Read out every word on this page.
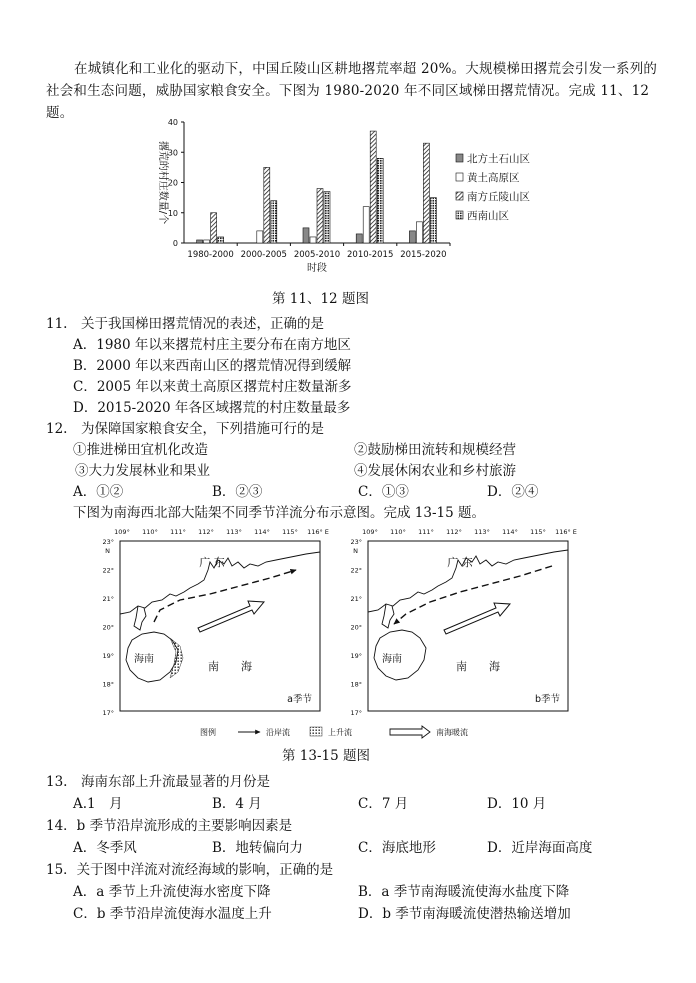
在城镇化和工业化的驱动下，中国丘陵山区耕地撂荒率超 20%。大规模梯田撂荒会引发一系列的社会和生态问题，威胁国家粮食安全。下图为 1980-2020 年不同区域梯田撂荒情况。完成 11、12 题。
0
10
20
30
40
撂荒的村庄数量/个
1980-2000 2000-2005 2005-2010 2010-2015 2015-2020
时段
北方土石山区
黄土高原区
南方丘陵山区
西南山区
第 11、12 题图
11.　关于我国梯田撂荒情况的表述，正确的是
A．1980 年以来撂荒村庄主要分布在南方地区
B．2000 年以来西南山区的撂荒情况得到缓解
C．2005 年以来黄土高原区撂荒村庄数量渐多
D．2015-2020 年各区域撂荒的村庄数量最多
12.　为保障国家粮食安全，下列措施可行的是
①推进梯田宜机化改造	②鼓励梯田流转和规模经营
③大力发展林业和果业	④发展休闲农业和乡村旅游
A．①②	B．②③	C．①③	D．②④
下图为南海西北部大陆架不同季节洋流分布示意图。完成 13-15 题。
109° 110° 111° 112° 113° 114° 115° 116° E
23°
22°
21°
20°
19°
18°
17°
N
广 东
海南
南　　海
109° 110° 111° 112° 113° 114° 115° 116° E
23°
22°
21°
20°
19°
18°
17°
N
广 东
海南
南　　海
a季节	b季节
图例	沿岸流	上升流	南海暖流
第 13-15 题图
13.　海南东部上升流最显著的月份是
A.1　月	B．4 月	C．7 月	D．10 月
14．b 季节沿岸流形成的主要影响因素是
A．冬季风	B．地转偏向力	C．海底地形	D．近岸海面高度
15．关于图中洋流对流经海域的影响，正确的是
A．a 季节上升流使海水密度下降	B．a 季节南海暖流使海水盐度下降
C．b 季节沿岸流使海水温度上升	D．b 季节南海暖流使潜热输送增加
